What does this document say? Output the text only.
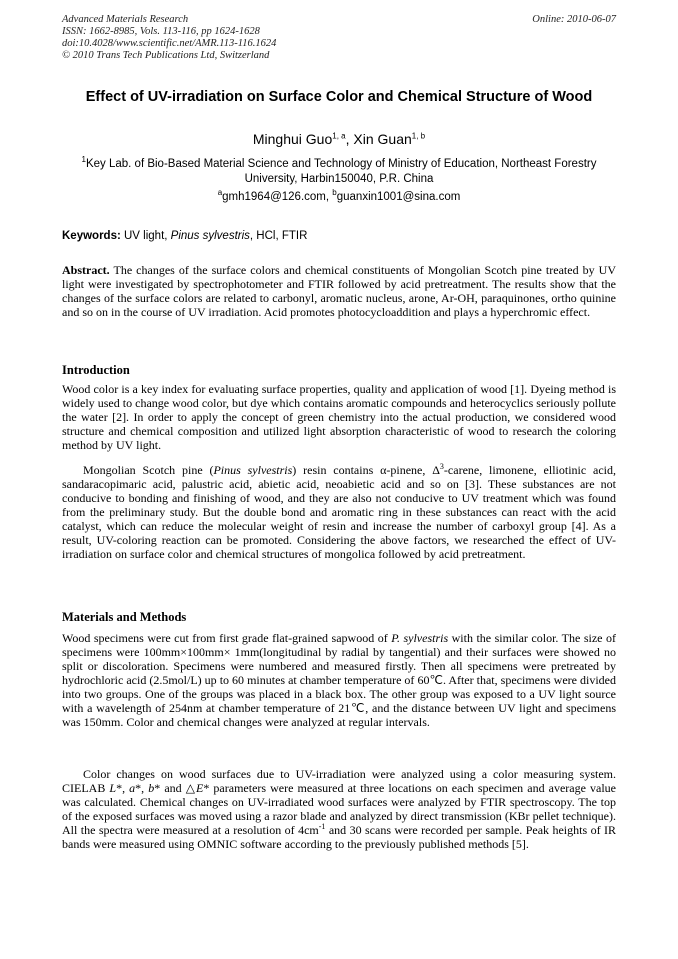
Advanced Materials Research
ISSN: 1662-8985, Vols. 113-116, pp 1624-1628
doi:10.4028/www.scientific.net/AMR.113-116.1624
© 2010 Trans Tech Publications Ltd, Switzerland
Online: 2010-06-07
Effect of UV-irradiation on Surface Color and Chemical Structure of Wood
Minghui Guo$^{1, a}$, Xin Guan$^{1, b}$
$^1$Key Lab. of Bio-Based Material Science and Technology of Ministry of Education, Northeast Forestry University, Harbin150040, P.R. China
$^a$gmh1964@126.com, $^b$guanxin1001@sina.com
Keywords: UV light, Pinus sylvestris, HCl, FTIR
Abstract. The changes of the surface colors and chemical constituents of Mongolian Scotch pine treated by UV light were investigated by spectrophotometer and FTIR followed by acid pretreatment. The results show that the changes of the surface colors are related to carbonyl, aromatic nucleus, arone, Ar-OH, paraquinones, ortho quinine and so on in the course of UV irradiation. Acid promotes photocycloaddition and plays a hyperchromic effect.
Introduction
Wood color is a key index for evaluating surface properties, quality and application of wood [1]. Dyeing method is widely used to change wood color, but dye which contains aromatic compounds and heterocyclics seriously pollute the water [2]. In order to apply the concept of green chemistry into the actual production, we considered wood structure and chemical composition and utilized light absorption characteristic of wood to research the coloring method by UV light.
Mongolian Scotch pine (Pinus sylvestris) resin contains α-pinene, $\Delta^3$-carene, limonene, elliotinic acid, sandaracopimaric acid, palustric acid, abietic acid, neoabietic acid and so on [3]. These substances are not conducive to bonding and finishing of wood, and they are also not conducive to UV treatment which was found from the preliminary study. But the double bond and aromatic ring in these substances can react with the acid catalyst, which can reduce the molecular weight of resin and increase the number of carboxyl group [4]. As a result, UV-coloring reaction can be promoted. Considering the above factors, we researched the effect of UV-irradiation on surface color and chemical structures of mongolica followed by acid pretreatment.
Materials and Methods
Wood specimens were cut from first grade flat-grained sapwood of P. sylvestris with the similar color. The size of specimens were 100mm×100mm× 1mm(longitudinal by radial by tangential) and their surfaces were showed no split or discoloration. Specimens were numbered and measured firstly. Then all specimens were pretreated by hydrochloric acid (2.5mol/L) up to 60 minutes at chamber temperature of 60℃. After that, specimens were divided into two groups. One of the groups was placed in a black box. The other group was exposed to a UV light source with a wavelength of 254nm at chamber temperature of 21℃, and the distance between UV light and specimens was 150mm. Color and chemical changes were analyzed at regular intervals.
Color changes on wood surfaces due to UV-irradiation were analyzed using a color measuring system. CIELAB L*, a*, b* and △E* parameters were measured at three locations on each specimen and average value was calculated. Chemical changes on UV-irradiated wood surfaces were analyzed by FTIR spectroscopy. The top of the exposed surfaces was moved using a razor blade and analyzed by direct transmission (KBr pellet technique). All the spectra were measured at a resolution of $4cm^{-1}$ and 30 scans were recorded per sample. Peak heights of IR bands were measured using OMNIC software according to the previously published methods [5].
